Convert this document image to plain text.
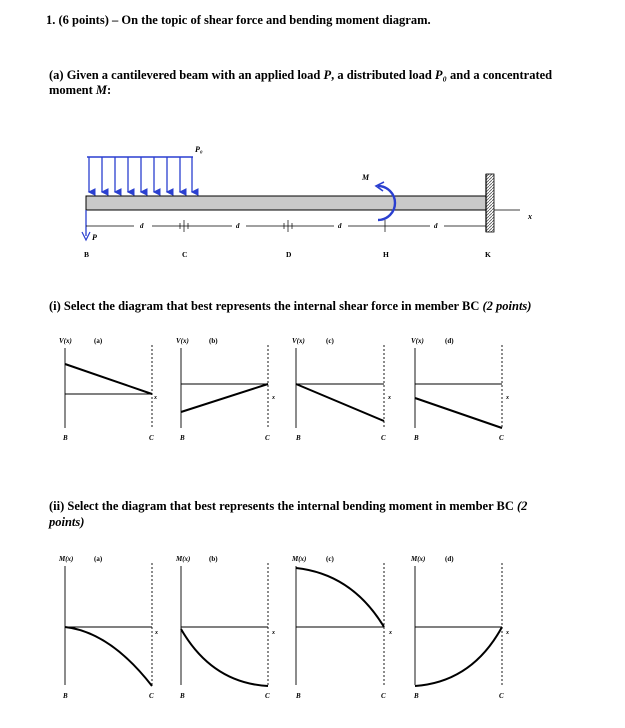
1. (6 points) – On the topic of shear force and bending moment diagram.
(a) Given a cantilevered beam with an applied load P, a distributed load P₀ and a concentrated
moment M:
P₀
x
P
M
d	d	d	d
B	C	D	H	K
(i) Select the diagram that best represents the internal shear force in member BC (2 points)
V(x)	(a)
x
B	C
V(x)	(b)
x
B	C
V(x)	(c)
x
B	C
V(x)	(d)
x
B	C
(ii) Select the diagram that best represents the internal bending moment in member BC (2
points)
M(x)	(a)
x
B	C
M(x)	(b)
x
B	C
M(x)	(c)
x
B	C
M(x)	(d)
x
B	C
